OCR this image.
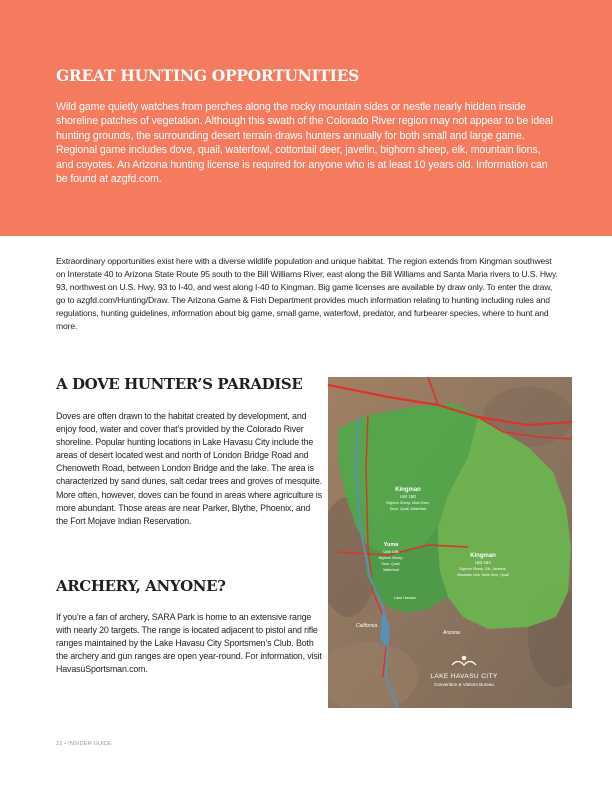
GREAT HUNTING OPPORTUNITIES

Wild game quietly watches from perches along the rocky mountain sides or nestle nearly hidden inside shoreline patches of vegetation. Although this swath of the Colorado River region may not appear to be ideal hunting grounds, the surrounding desert terrain draws hunters annually for both small and large game. Regional game includes dove, quail, waterfowl, cottontail deer, javelin, bighorn sheep, elk, mountain lions, and coyotes. An Arizona hunting license is required for anyone who is at least 10 years old. Information can be found at azgfd.com.

Extraordinary opportunities exist here with a diverse wildlife population and unique habitat. The region extends from Kingman southwest on Interstate 40 to Arizona State Route 95 south to the Bill Williams River, east along the Bill Williams and Santa Maria rivers to U.S. Hwy. 93, northwest on U.S. Hwy. 93 to I-40, and west along I-40 to Kingman. Big game licenses are available by draw only. To enter the draw, go to azgfd.com/Hunting/Draw. The Arizona Game & Fish Department provides much information relating to hunting including rules and regulations, hunting guidelines, information about big game, small game, waterfowl, predator, and furbearer species, where to hunt and more.

A DOVE HUNTER’S PARADISE

Doves are often drawn to the habitat created by development, and enjoy food, water and cover that’s provided by the Colorado River shoreline. Popular hunting locations in Lake Havasu City include the areas of desert located west and north of London Bridge Road and Chenoweth Road, between London Bridge and the lake. The area is characterized by sand dunes, salt cedar trees and groves of mesquite. More often, however, doves can be found in areas where agriculture is more abundant. Those areas are near Parker, Blythe, Phoenix, and the Fort Mojave Indian Reservation.

ARCHERY, ANYONE?

If you’re a fan of archery, SARA Park is home to an extensive range with nearly 20 targets. The range is located adjacent to pistol and rifle ranges maintained by the Lake Havasu City Sportsmen’s Club. Both the archery and gun ranges are open year-round. For information, visit HavasuSportsman.com.

Kingman
Unit 15D
Bighorn Sheep, Mule Deer,
Dove, Quail, Waterfowl
Kingman
Unit 16A
Bighorn Sheep, Elk, Javelina,
Mountain Lion, Mule Deer, Quail
Yuma
Unit 16B
Bighorn Sheep,
Deer, Quail,
Waterfowl
California
Arizona
Lake Havasu
LAKE HAVASU CITY
Convention & Visitors Bureau
22 • INSIDER GUIDE
